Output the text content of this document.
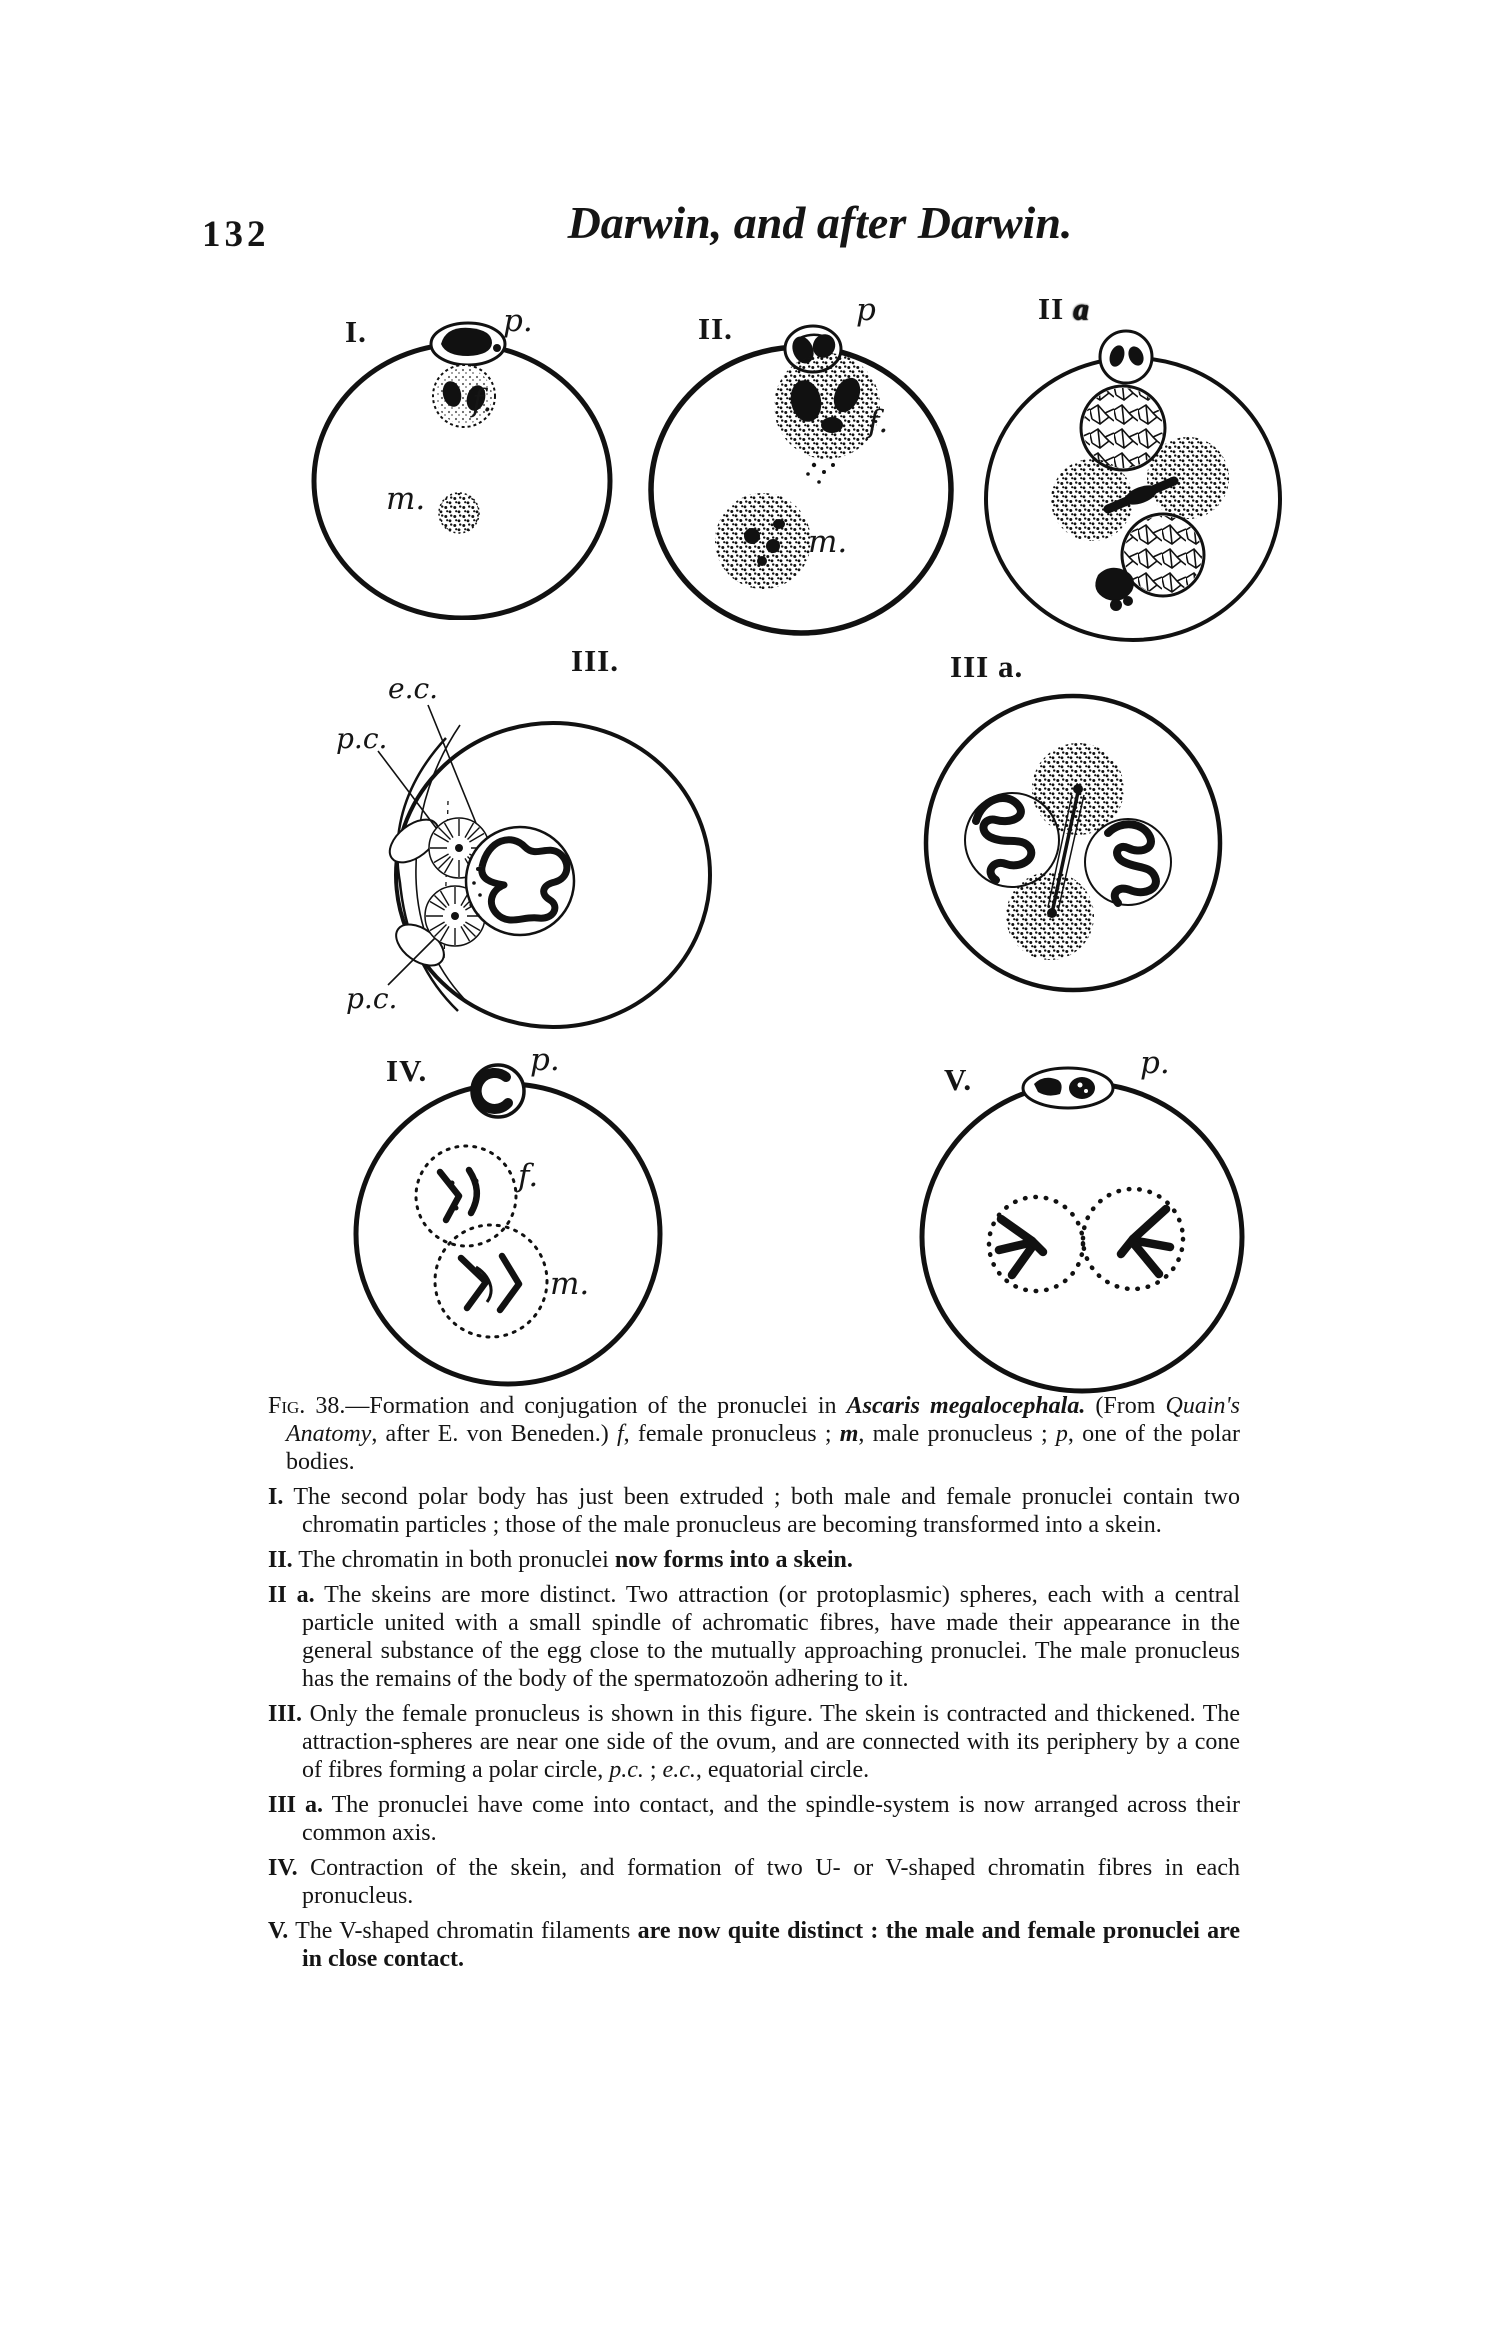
132	Darwin, and after Darwin.
I.	p.
f.
m.
II.
p
f.
m.
II a
III.
e.c.
p.c.
p.c.
III a.
IV.	p.
f.
m.
V.	p.

Fig. 38.—Formation and conjugation of the pronuclei in Ascaris megalocephala. (From Quain's Anatomy, after E. von Beneden.) f, female pronucleus ; m, male pronucleus ; p, one of the polar bodies.

I. The second polar body has just been extruded ; both male and female pronuclei contain two chromatin particles ; those of the male pronucleus are becoming transformed into a skein.

II. The chromatin in both pronuclei now forms into a skein.

II a. The skeins are more distinct. Two attraction (or protoplasmic) spheres, each with a central particle united with a small spindle of achromatic fibres, have made their appearance in the general substance of the egg close to the mutually approaching pronuclei. The male pronucleus has the remains of the body of the spermatozoön adhering to it.

III. Only the female pronucleus is shown in this figure. The skein is contracted and thickened. The attraction-spheres are near one side of the ovum, and are connected with its periphery by a cone of fibres forming a polar circle, p.c. ; e.c., equatorial circle.

III a. The pronuclei have come into contact, and the spindle-system is now arranged across their common axis.

IV. Contraction of the skein, and formation of two U- or V-shaped chromatin fibres in each pronucleus.

V. The V-shaped chromatin filaments are now quite distinct : the male and female pronuclei are in close contact.
